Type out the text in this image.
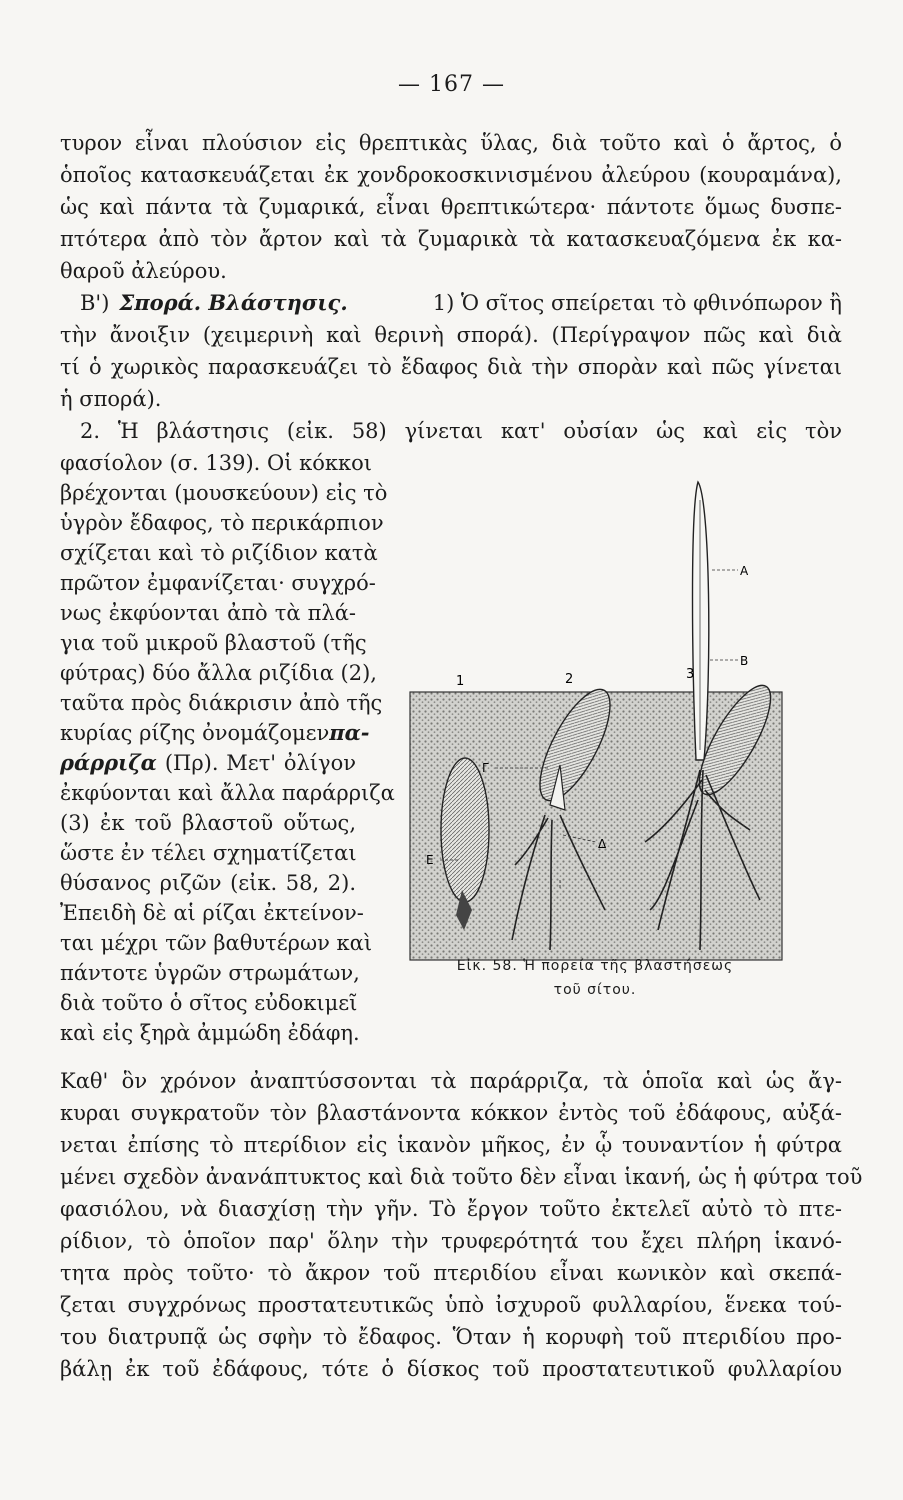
— 167 —
τυρον εἶναι πλούσιον εἰς θρεπτικὰς ὕλας, διὰ τοῦτο καὶ ὁ ἄρτος, ὁ
ὁποῖος κατασκευάζεται ἐκ χονδροκοσκινισμένου ἀλεύρου (κουραμάνα),
ὡς καὶ πάντα τὰ ζυμαρικά, εἶναι θρεπτικώτερα· πάντοτε ὅμως δυσπε-
πτότερα ἀπὸ τὸν ἄρτον καὶ τὰ ζυμαρικὰ τὰ κατασκευαζόμενα ἐκ κα-
θαροῦ ἀλεύρου.
Β') Σπορά. Βλάστησις.	1) Ὁ σῖτος σπείρεται τὸ φθινόπωρον ἢ
τὴν ἄνοιξιν (χειμερινὴ καὶ θερινὴ σπορά). (Περίγραψον πῶς καὶ διὰ
τί ὁ χωρικὸς παρασκευάζει τὸ ἔδαφος διὰ τὴν σπορὰν καὶ πῶς γίνεται
ἡ σπορά).
2. Ἡ βλάστησις (εἰκ. 58) γίνεται κατ' οὐσίαν ὡς καὶ εἰς τὸν
φασίολον (σ. 139). Οἱ κόκκοι
βρέχονται (μουσκεύουν) εἰς τὸ
ὑγρὸν ἔδαφος, τὸ περικάρπιον
σχίζεται καὶ τὸ ριζίδιον κατὰ
πρῶτον ἐμφανίζεται· συγχρό-
νως ἐκφύονται ἀπὸ τὰ πλά-
για τοῦ μικροῦ βλαστοῦ (τῆς
φύτρας) δύο ἄλλα ριζίδια (2),
ταῦτα πρὸς διάκρισιν ἀπὸ τῆς
κυρίας ρίζης ὀνομάζομεν πα-
ράρριζα (Πρ). Μετ' ὀλίγον
ἐκφύονται καὶ ἄλλα παράρριζα
(3) ἐκ τοῦ βλαστοῦ οὕτως,
ὥστε ἐν τέλει σχηματίζεται
θύσανος ριζῶν (εἰκ. 58, 2).
Ἐπειδὴ δὲ αἱ ρίζαι ἐκτείνον-
ται μέχρι τῶν βαθυτέρων καὶ
πάντοτε ὑγρῶν στρωμάτων,
διὰ τοῦτο ὁ σῖτος εὐδοκιμεῖ
καὶ εἰς ξηρὰ ἀμμώδη ἐδάφη.
1	2	3
A
B
Γ
Δ
Ε
Εἰκ. 58. Ἡ πορεία τῆς βλαστήσεως
τοῦ σίτου.
Καθ' ὃν χρόνον ἀναπτύσσονται τὰ παράρριζα, τὰ ὁποῖα καὶ ὡς ἄγ-
κυραι συγκρατοῦν τὸν βλαστάνοντα κόκκον ἐντὸς τοῦ ἐδάφους, αὐξά-
νεται ἐπίσης τὸ πτερίδιον εἰς ἱκανὸν μῆκος, ἐν ᾧ τουναντίον ἡ φύτρα
μένει σχεδὸν ἀνανάπτυκτος καὶ διὰ τοῦτο δὲν εἶναι ἱκανή, ὡς ἡ φύτρα τοῦ
φασιόλου, νὰ διασχίσῃ τὴν γῆν. Τὸ ἔργον τοῦτο ἐκτελεῖ αὐτὸ τὸ πτε-
ρίδιον, τὸ ὁποῖον παρ' ὅλην τὴν τρυφερότητά του ἔχει πλήρη ἱκανό-
τητα πρὸς τοῦτο· τὸ ἄκρον τοῦ πτεριδίου εἶναι κωνικὸν καὶ σκεπά-
ζεται συγχρόνως προστατευτικῶς ὑπὸ ἰσχυροῦ φυλλαρίου, ἕνεκα τού-
του διατρυπᾷ ὡς σφὴν τὸ ἔδαφος. Ὅταν ἡ κορυφὴ τοῦ πτεριδίου προ-
βάλῃ ἐκ τοῦ ἐδάφους, τότε ὁ δίσκος τοῦ προστατευτικοῦ φυλλαρίου
